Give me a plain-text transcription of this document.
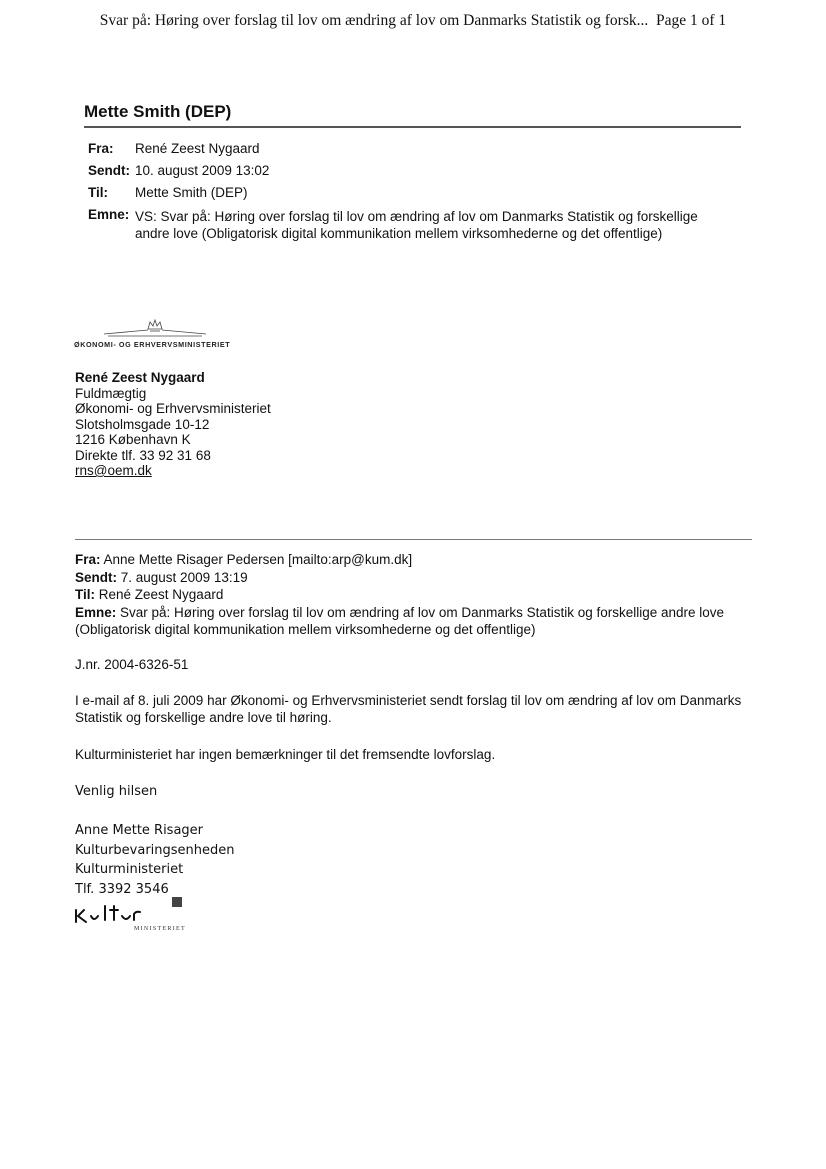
Svar på: Høring over forslag til lov om ændring af lov om Danmarks Statistik og forsk... Page 1 of 1
Mette Smith (DEP)
Fra: René Zeest Nygaard
Sendt: 10. august 2009 13:02
Til: Mette Smith (DEP)
Emne: VS: Svar på: Høring over forslag til lov om ændring af lov om Danmarks Statistik og forskellige andre love (Obligatorisk digital kommunikation mellem virksomhederne og det offentlige)
ØKONOMI- OG ERHVERVSMINISTERIET
René Zeest Nygaard
Fuldmægtig
Økonomi- og Erhvervsministeriet
Slotsholmsgade 10-12
1216 København K
Direkte tlf. 33 92 31 68
rns@oem.dk
Fra: Anne Mette Risager Pedersen [mailto:arp@kum.dk]
Sendt: 7. august 2009 13:19
Til: René Zeest Nygaard
Emne: Svar på: Høring over forslag til lov om ændring af lov om Danmarks Statistik og forskellige andre love (Obligatorisk digital kommunikation mellem virksomhederne og det offentlige)
J.nr. 2004-6326-51
I e-mail af 8. juli 2009 har Økonomi- og Erhvervsministeriet sendt forslag til lov om ændring af lov om Danmarks Statistik og forskellige andre love til høring.
Kulturministeriet har ingen bemærkninger til det fremsendte lovforslag.
Venlig hilsen
Anne Mette Risager
Kulturbevaringsenheden
Kulturministeriet
Tlf. 3392 3546
MINISTERIET
